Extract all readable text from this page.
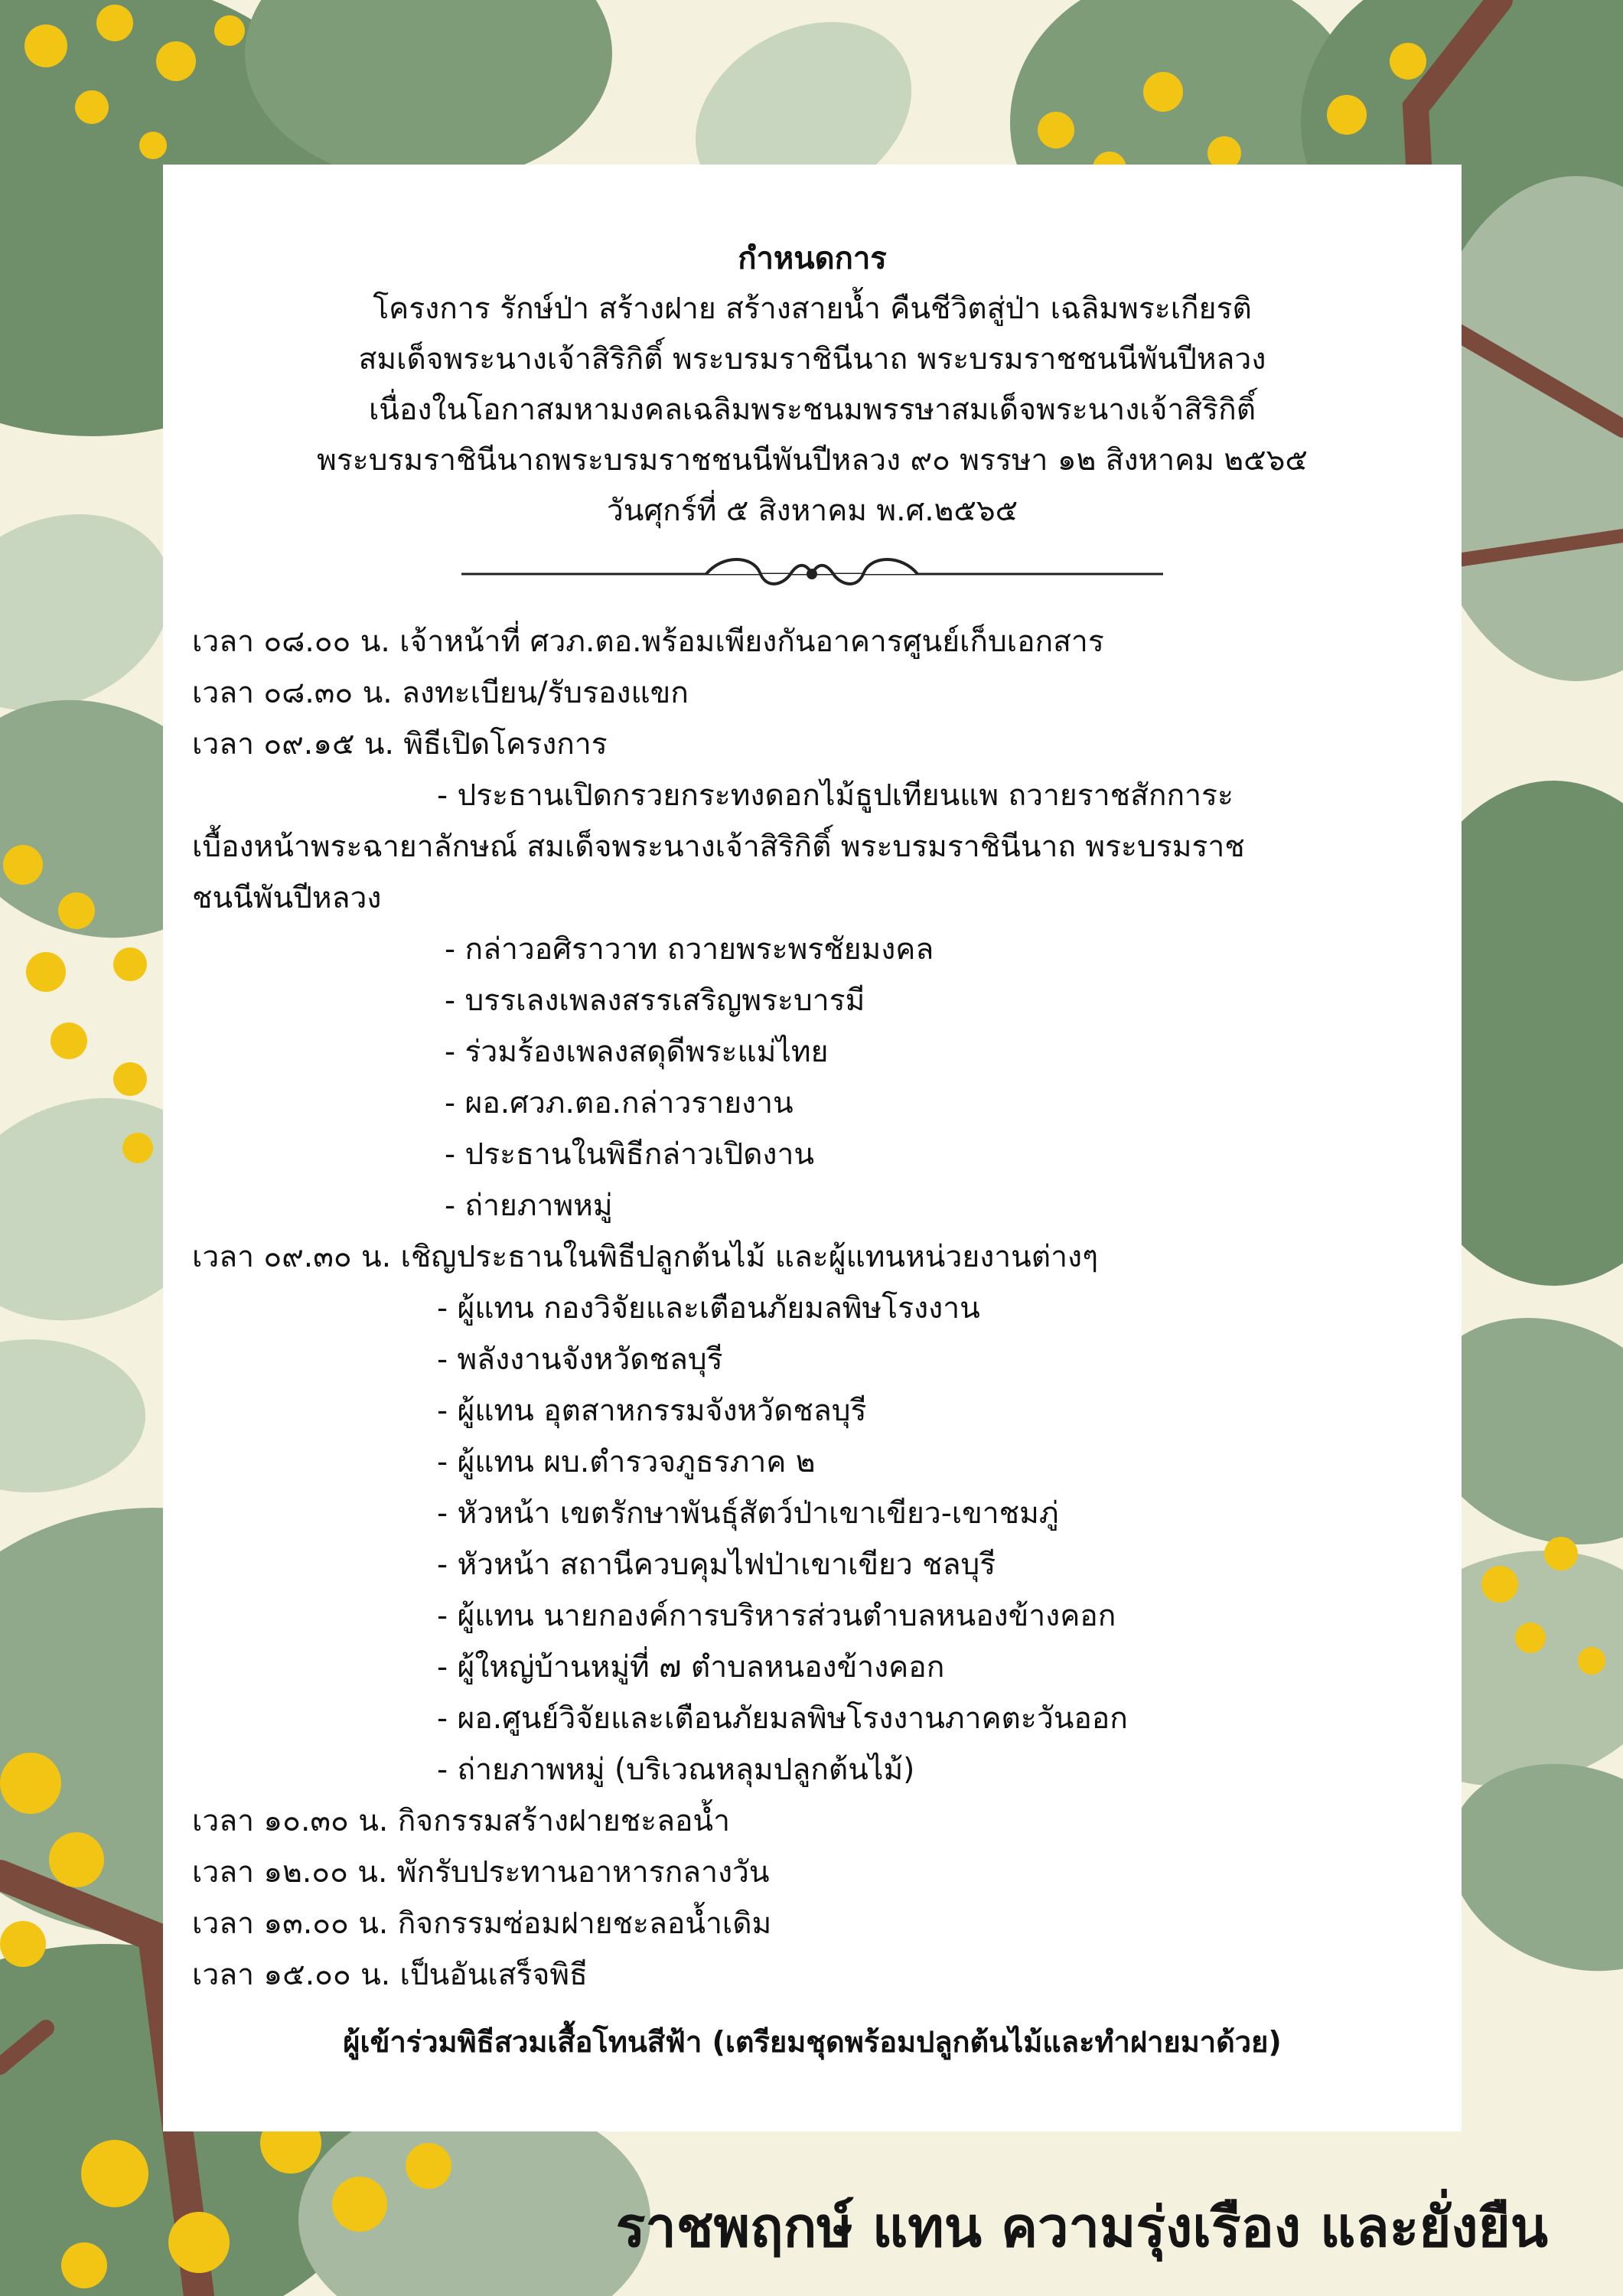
กำหนดการ
โครงการ รักษ์ป่า สร้างฝาย สร้างสายน้ำ คืนชีวิตสู่ป่า เฉลิมพระเกียรติ
สมเด็จพระนางเจ้าสิริกิติ์ พระบรมราชินีนาถ พระบรมราชชนนีพันปีหลวง
เนื่องในโอกาสมหามงคลเฉลิมพระชนมพรรษาสมเด็จพระนางเจ้าสิริกิติ์
พระบรมราชินีนาถพระบรมราชชนนีพันปีหลวง ๙๐ พรรษา ๑๒ สิงหาคม ๒๕๖๕
วันศุกร์ที่ ๕ สิงหาคม พ.ศ.๒๕๖๕
เวลา ๐๘.๐๐ น. เจ้าหน้าที่ ศวภ.ตอ.พร้อมเพียงกันอาคารศูนย์เก็บเอกสาร
เวลา ๐๘.๓๐ น. ลงทะเบียน/รับรองแขก
เวลา ๐๙.๑๕ น. พิธีเปิดโครงการ
- ประธานเปิดกรวยกระทงดอกไม้ธูปเทียนแพ ถวายราชสักการะ
เบื้องหน้าพระฉายาลักษณ์ สมเด็จพระนางเจ้าสิริกิติ์ พระบรมราชินีนาถ พระบรมราช
ชนนีพันปีหลวง
- กล่าวอศิราวาท ถวายพระพรชัยมงคล
- บรรเลงเพลงสรรเสริญพระบารมี
- ร่วมร้องเพลงสดุดีพระแม่ไทย
- ผอ.ศวภ.ตอ.กล่าวรายงาน
- ประธานในพิธีกล่าวเปิดงาน
- ถ่ายภาพหมู่
เวลา ๐๙.๓๐ น. เชิญประธานในพิธีปลูกต้นไม้ และผู้แทนหน่วยงานต่างๆ
- ผู้แทน กองวิจัยและเตือนภัยมลพิษโรงงาน
- พลังงานจังหวัดชลบุรี
- ผู้แทน อุตสาหกรรมจังหวัดชลบุรี
- ผู้แทน ผบ.ตำรวจภูธรภาค ๒
- หัวหน้า เขตรักษาพันธุ์สัตว์ป่าเขาเขียว-เขาชมภู่
- หัวหน้า สถานีควบคุมไฟป่าเขาเขียว ชลบุรี
- ผู้แทน นายกองค์การบริหารส่วนตำบลหนองข้างคอก
- ผู้ใหญ่บ้านหมู่ที่ ๗ ตำบลหนองข้างคอก
- ผอ.ศูนย์วิจัยและเตือนภัยมลพิษโรงงานภาคตะวันออก
- ถ่ายภาพหมู่ (บริเวณหลุมปลูกต้นไม้)
เวลา ๑๐.๓๐ น. กิจกรรมสร้างฝายชะลอน้ำ
เวลา ๑๒.๐๐ น. พักรับประทานอาหารกลางวัน
เวลา ๑๓.๐๐ น. กิจกรรมซ่อมฝายชะลอน้ำเดิม
เวลา ๑๕.๐๐ น. เป็นอันเสร็จพิธี
ผู้เข้าร่วมพิธีสวมเสื้อโทนสีฟ้า (เตรียมชุดพร้อมปลูกต้นไม้และทำฝายมาด้วย)
ราชพฤกษ์ แทน ความรุ่งเรือง และยั่งยืน
